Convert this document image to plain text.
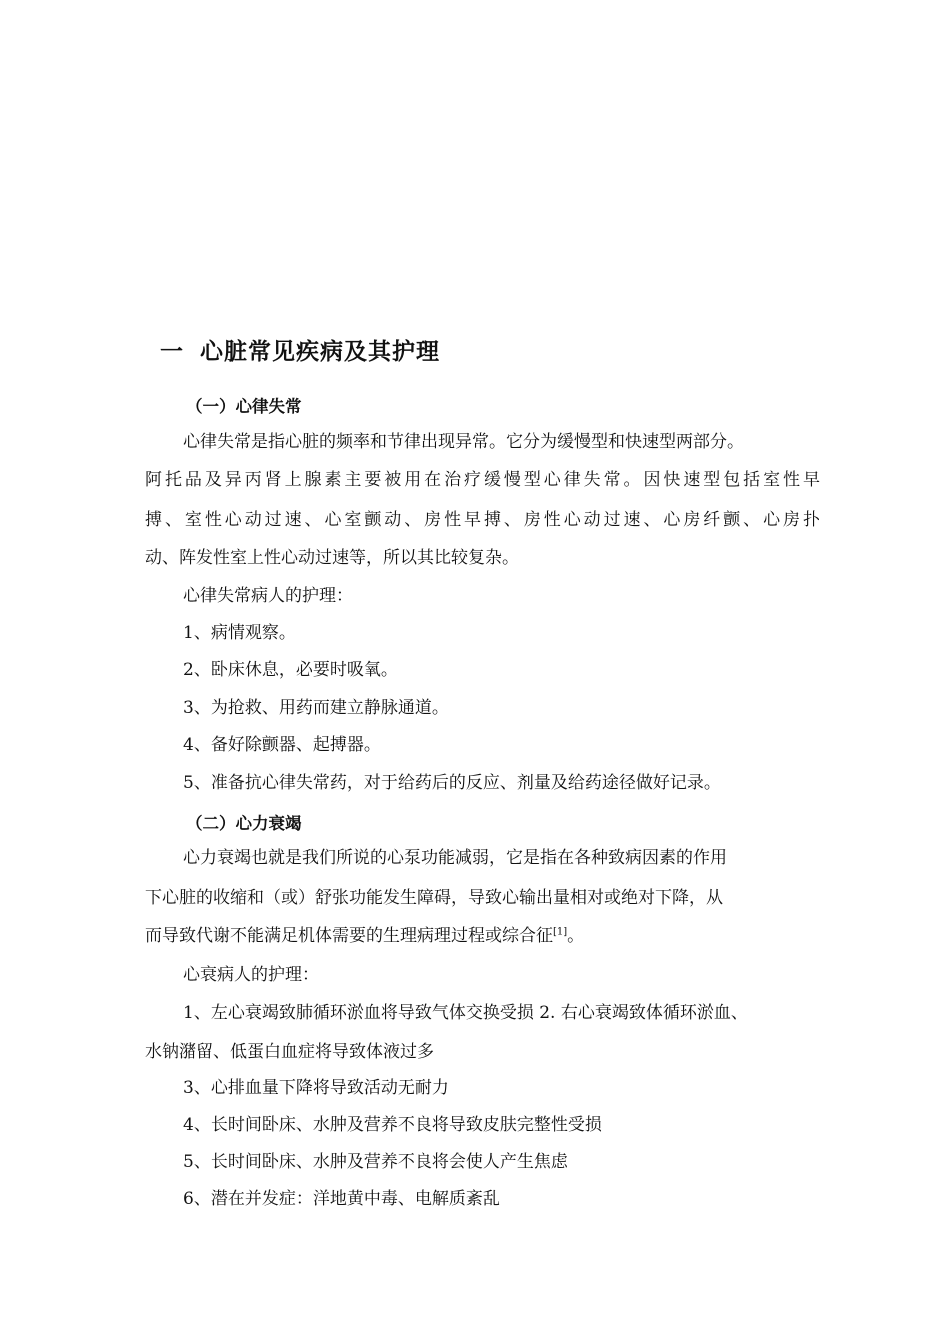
一 心脏常见疾病及其护理
（一）心律失常
心律失常是指心脏的频率和节律出现异常。它分为缓慢型和快速型两部分。
阿托品及异丙肾上腺素主要被用在治疗缓慢型心律失常。因快速型包括室性早
搏、室性心动过速、心室颤动、房性早搏、房性心动过速、心房纤颤、心房扑
动、阵发性室上性心动过速等，所以其比较复杂。
心律失常病人的护理：
1、病情观察。
2、卧床休息，必要时吸氧。
3、为抢救、用药而建立静脉通道。
4、备好除颤器、起搏器。
5、准备抗心律失常药，对于给药后的反应、剂量及给药途径做好记录。
（二）心力衰竭
心力衰竭也就是我们所说的心泵功能减弱，它是指在各种致病因素的作用
下心脏的收缩和（或）舒张功能发生障碍，导致心输出量相对或绝对下降，从
而导致代谢不能满足机体需要的生理病理过程或综合征[1]。
心衰病人的护理：
1、左心衰竭致肺循环淤血将导致气体交换受损 2. 右心衰竭致体循环淤血、
水钠潴留、低蛋白血症将导致体液过多
3、心排血量下降将导致活动无耐力
4、长时间卧床、水肿及营养不良将导致皮肤完整性受损
5、长时间卧床、水肿及营养不良将会使人产生焦虑
6、潜在并发症：洋地黄中毒、电解质紊乱
